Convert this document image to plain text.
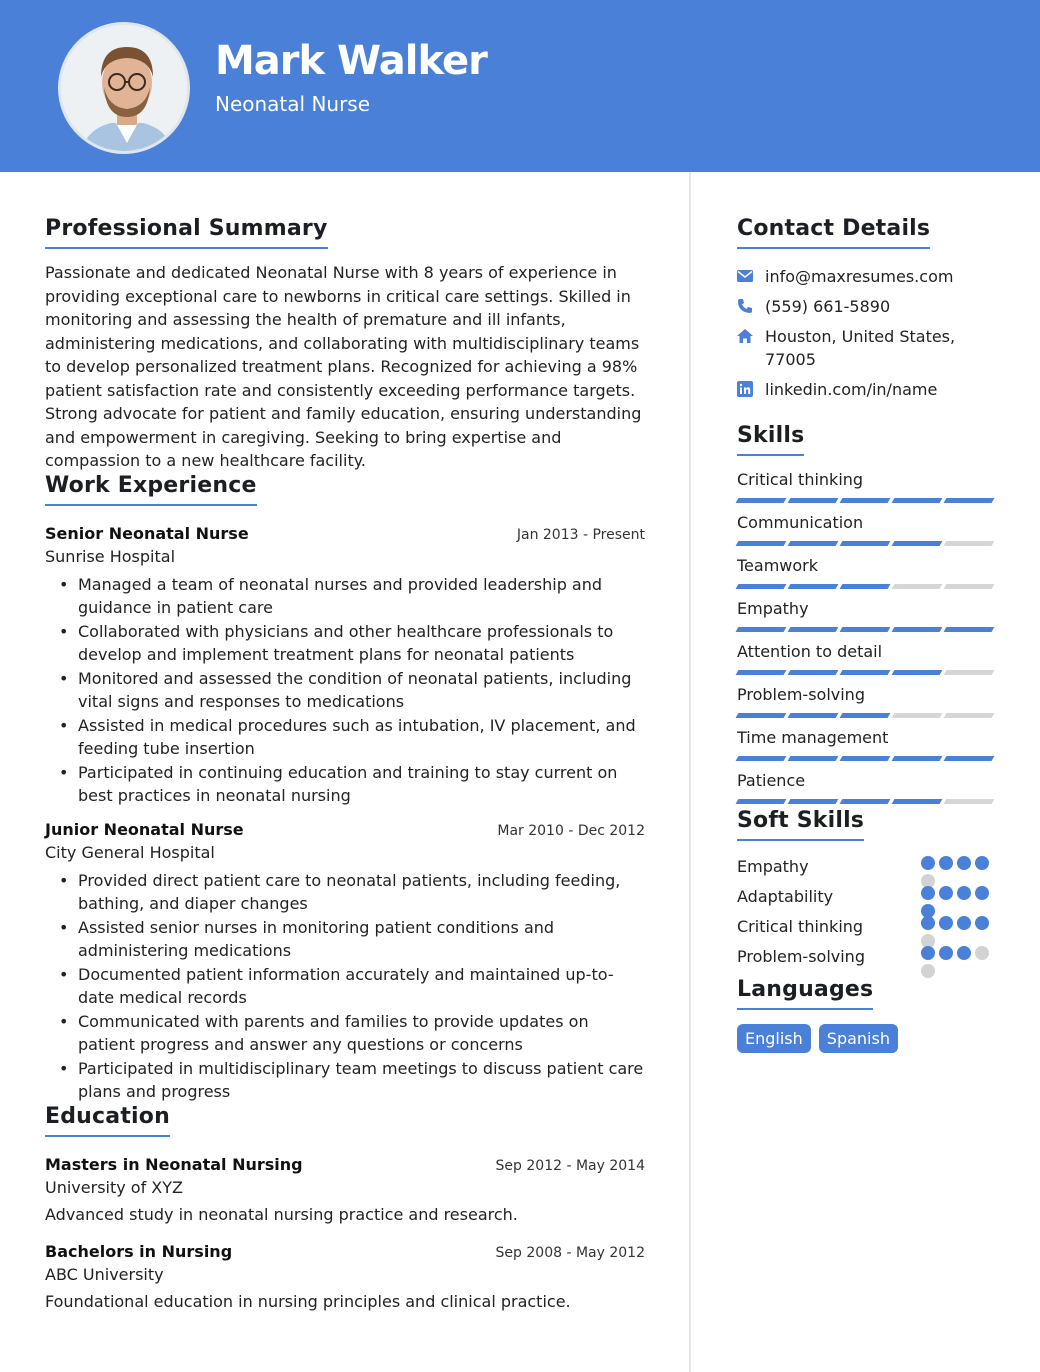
Mark Walker
Neonatal Nurse
Professional Summary

Passionate and dedicated Neonatal Nurse with 8 years of experience in providing exceptional care to newborns in critical care settings. Skilled in monitoring and assessing the health of premature and ill infants, administering medications, and collaborating with multidisciplinary teams to develop personalized treatment plans. Recognized for achieving a 98% patient satisfaction rate and consistently exceeding performance targets. Strong advocate for patient and family education, ensuring understanding and empowerment in caregiving. Seeking to bring expertise and compassion to a new healthcare facility.

Work Experience
Senior Neonatal Nurse	Jan 2013 - Present
Sunrise Hospital
• Managed a team of neonatal nurses and provided leadership and guidance in patient care
• Collaborated with physicians and other healthcare professionals to develop and implement treatment plans for neonatal patients
• Monitored and assessed the condition of neonatal patients, including vital signs and responses to medications
• Assisted in medical procedures such as intubation, IV placement, and feeding tube insertion
• Participated in continuing education and training to stay current on best practices in neonatal nursing
Junior Neonatal Nurse	Mar 2010 - Dec 2012
City General Hospital
• Provided direct patient care to neonatal patients, including feeding, bathing, and diaper changes
• Assisted senior nurses in monitoring patient conditions and administering medications
• Documented patient information accurately and maintained up-to-date medical records
• Communicated with parents and families to provide updates on patient progress and answer any questions or concerns
• Participated in multidisciplinary team meetings to discuss patient care plans and progress
Education
Masters in Neonatal Nursing	Sep 2012 - May 2014
University of XYZ
Advanced study in neonatal nursing practice and research.
Bachelors in Nursing	Sep 2008 - May 2012
ABC University
Foundational education in nursing principles and clinical practice.
Contact Details
info@maxresumes.com
(559) 661-5890
Houston, United States, 77005
linkedin.com/in/name
Skills
Critical thinking
Communication
Teamwork
Empathy
Attention to detail
Problem-solving
Time management
Patience
Soft Skills
Empathy
Adaptability
Critical thinking
Problem-solving
Languages
English	Spanish
